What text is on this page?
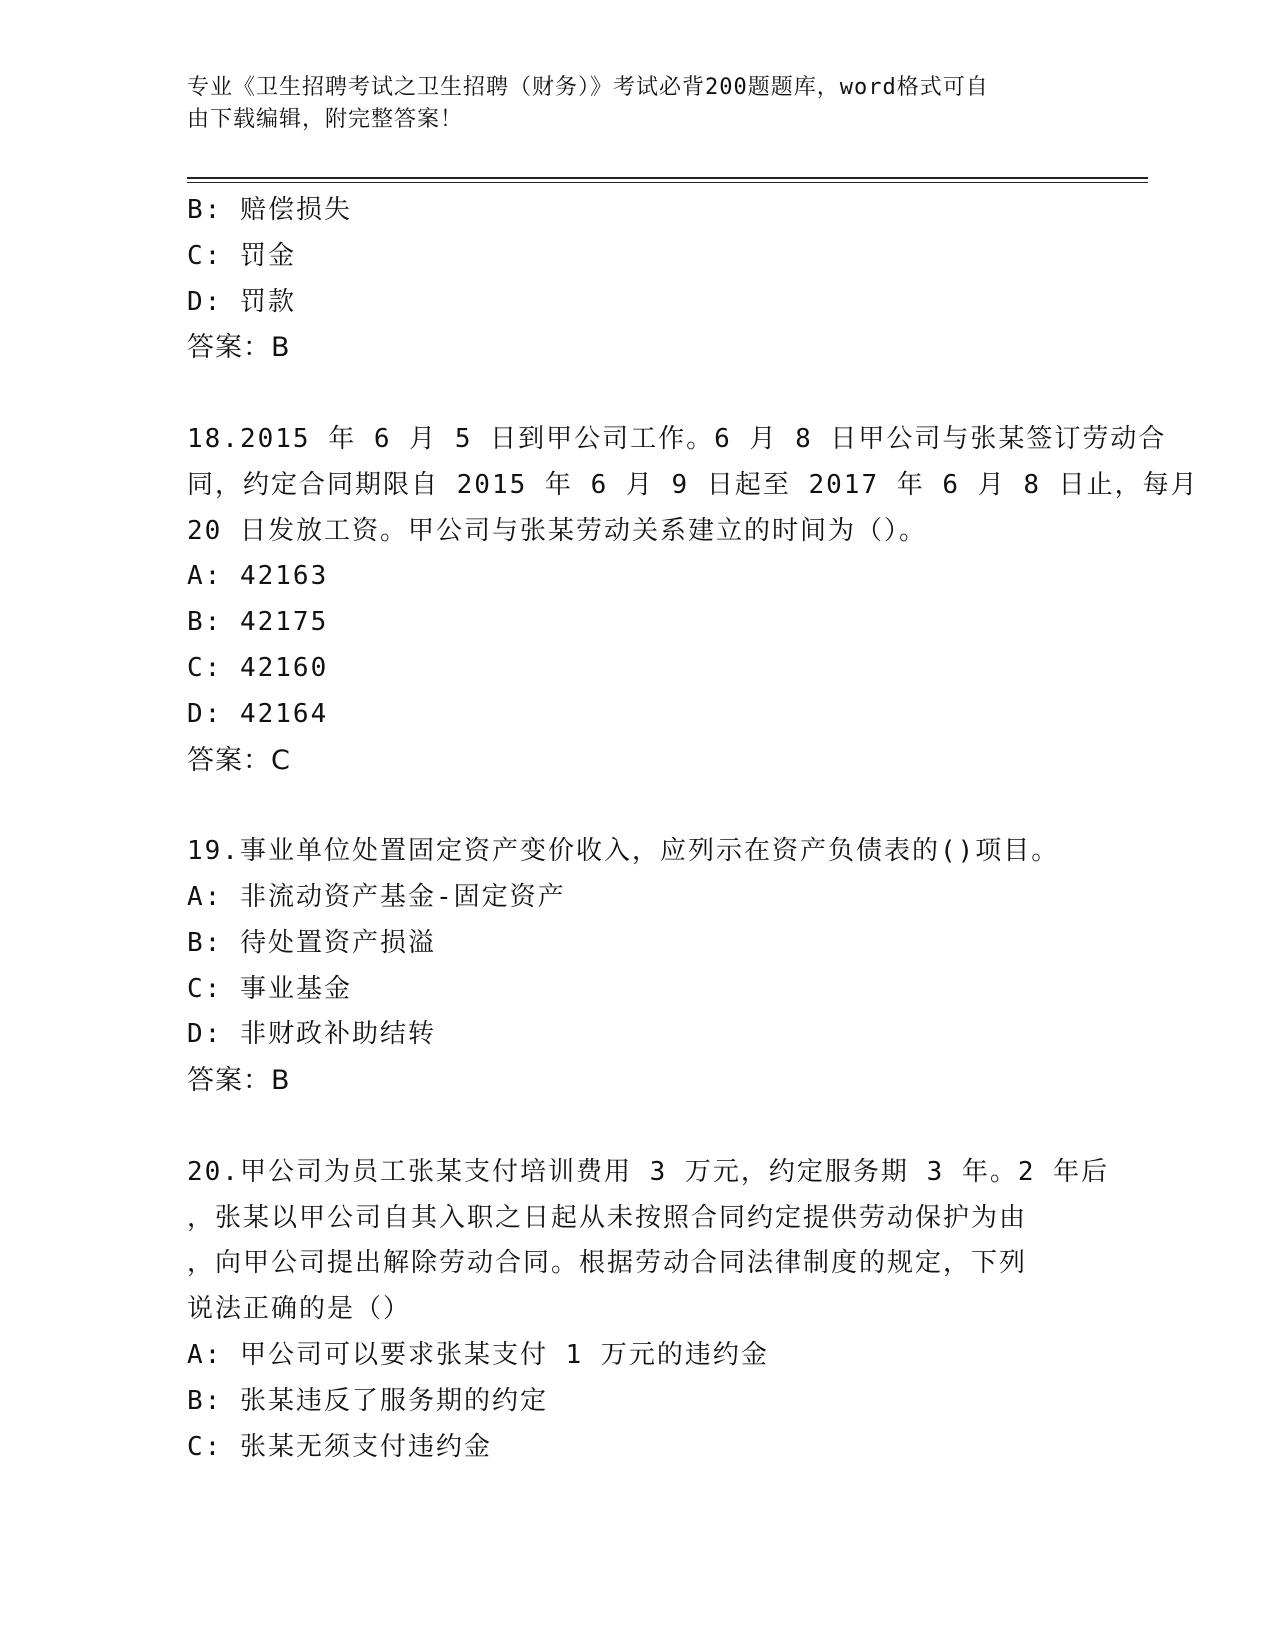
专业《卫生招聘考试之卫生招聘（财务）》考试必背200题题库，word格式可自
由下载编辑，附完整答案！
B: 赔偿损失
C: 罚金
D: 罚款
答案：B
18.2015 年 6 月 5 日到甲公司工作。6 月 8 日甲公司与张某签订劳动合
同，约定合同期限自 2015 年 6 月 9 日起至 2017 年 6 月 8 日止，每月
20 日发放工资。甲公司与张某劳动关系建立的时间为（）。
A: 42163
B: 42175
C: 42160
D: 42164
答案：C
19.事业单位处置固定资产变价收入，应列示在资产负债表的()项目。
A: 非流动资产基金-固定资产
B: 待处置资产损溢
C: 事业基金
D: 非财政补助结转
答案：B
20.甲公司为员工张某支付培训费用 3 万元，约定服务期 3 年。2 年后
，张某以甲公司自其入职之日起从未按照合同约定提供劳动保护为由
，向甲公司提出解除劳动合同。根据劳动合同法律制度的规定，下列
说法正确的是（）
A: 甲公司可以要求张某支付 1 万元的违约金
B: 张某违反了服务期的约定
C: 张某无须支付违约金
